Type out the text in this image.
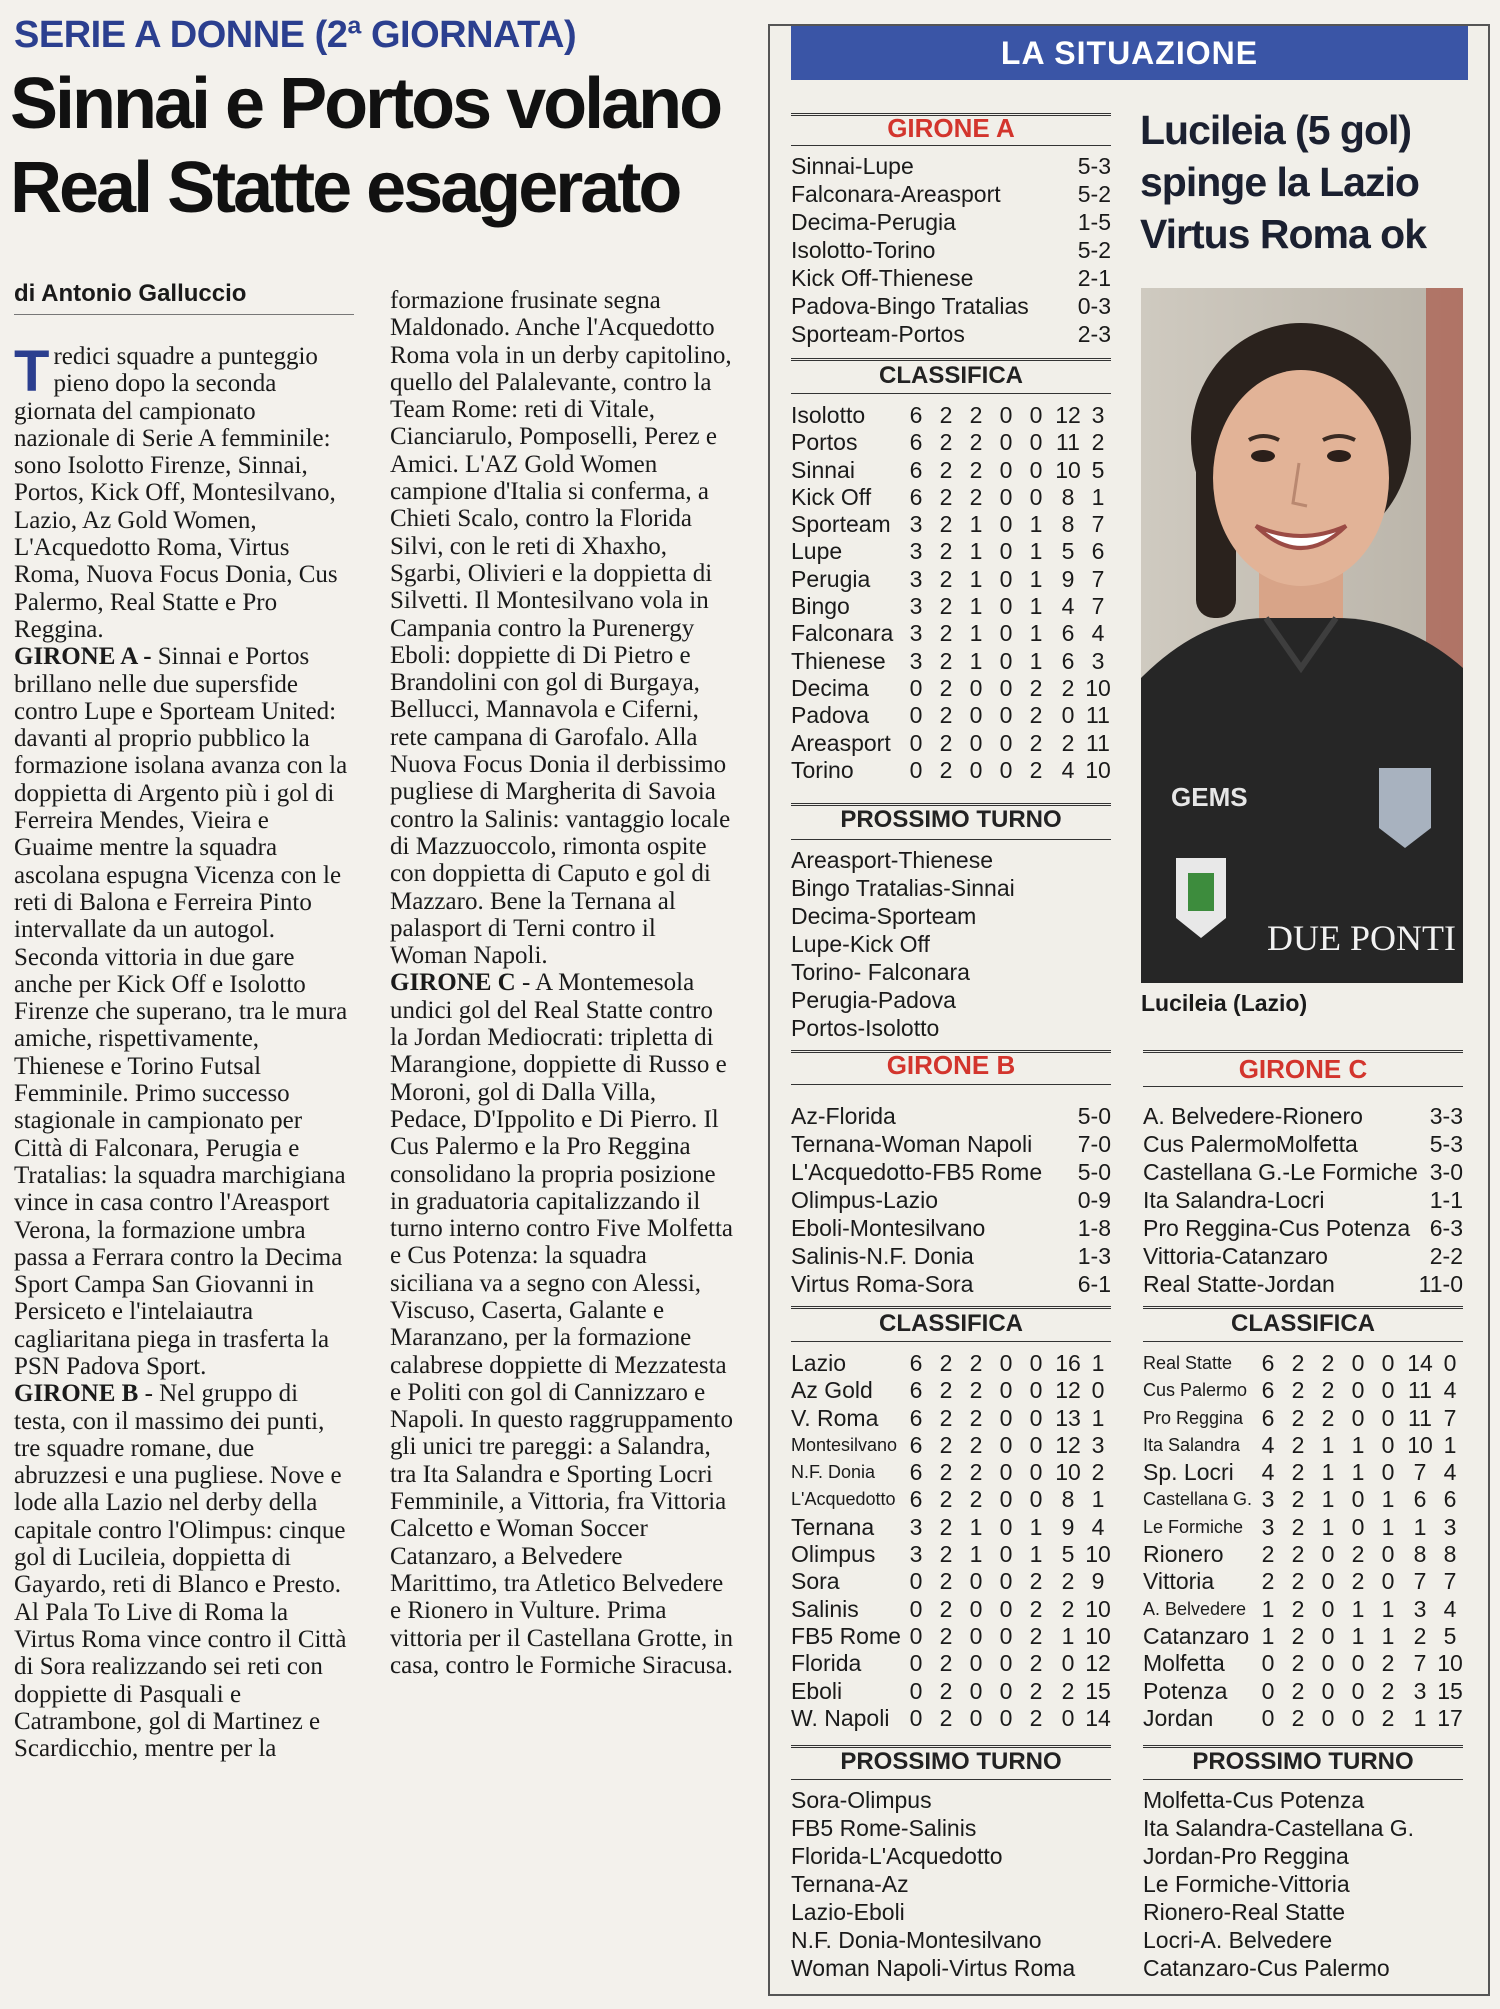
SERIE A DONNE (2ª GIORNATA)
Sinnai e Portos volano
Real Statte esagerato
di Antonio Galluccio

Tredici squadre a punteggio pieno dopo la seconda giornata del campionato nazionale di Serie A femminile: sono Isolotto Firenze, Sinnai, Portos, Kick Off, Montesilvano, Lazio, Az Gold Women, L'Acquedotto Roma, Virtus Roma, Nuova Focus Donia, Cus Palermo, Real Statte e Pro Reggina.

GIRONE A - Sinnai e Portos brillano nelle due supersfide contro Lupe e Sporteam United: davanti al proprio pubblico la formazione isolana avanza con la doppietta di Argento più i gol di Ferreira Mendes, Vieira e Guaime mentre la squadra ascolana espugna Vicenza con le reti di Balona e Ferreira Pinto intervallate da un autogol. Seconda vittoria in due gare anche per Kick Off e Isolotto Firenze che superano, tra le mura amiche, rispettivamente, Thienese e Torino Futsal Femminile. Primo successo stagionale in campionato per Città di Falconara, Perugia e Tratalias: la squadra marchigiana vince in casa contro l'Areasport Verona, la formazione umbra passa a Ferrara contro la Decima Sport Campa San Giovanni in Persiceto e l'intelaiautra cagliaritana piega in trasferta la PSN Padova Sport.

GIRONE B - Nel gruppo di testa, con il massimo dei punti, tre squadre romane, due abruzzesi e una pugliese. Nove e lode alla Lazio nel derby della capitale contro l'Olimpus: cinque gol di Lucileia, doppietta di Gayardo, reti di Blanco e Presto. Al Pala To Live di Roma la Virtus Roma vince contro il Città di Sora realizzando sei reti con doppiette di Pasquali e Catrambone, gol di Martinez e Scardicchio, mentre per la

formazione frusinate segna Maldonado. Anche l'Acquedotto Roma vola in un derby capitolino, quello del Palalevante, contro la Team Rome: reti di Vitale, Cianciarulo, Pomposelli, Perez e Amici. L'AZ Gold Women campione d'Italia si conferma, a Chieti Scalo, contro la Florida Silvi, con le reti di Xhaxho, Sgarbi, Olivieri e la doppietta di Silvetti. Il Montesilvano vola in Campania contro la Purenergy Eboli: doppiette di Di Pietro e Brandolini con gol di Burgaya, Bellucci, Mannavola e Ciferni, rete campana di Garofalo. Alla Nuova Focus Donia il derbissimo pugliese di Margherita di Savoia contro la Salinis: vantaggio locale di Mazzuoccolo, rimonta ospite con doppietta di Caputo e gol di Mazzaro. Bene la Ternana al palasport di Terni contro il Woman Napoli.

GIRONE C - A Montemesola undici gol del Real Statte contro la Jordan Mediocrati: tripletta di Marangione, doppiette di Russo e Moroni, gol di Dalla Villa, Pedace, D'Ippolito e Di Pierro. Il Cus Palermo e la Pro Reggina consolidano la propria posizione in graduatoria capitalizzando il turno interno contro Five Molfetta e Cus Potenza: la squadra siciliana va a segno con Alessi, Viscuso, Caserta, Galante e Maranzano, per la formazione calabrese doppiette di Mezzatesta e Politi con gol di Cannizzaro e Napoli. In questo raggruppamento gli unici tre pareggi: a Salandra, tra Ita Salandra e Sporting Locri Femminile, a Vittoria, fra Vittoria Calcetto e Woman Soccer Catanzaro, a Belvedere Marittimo, tra Atletico Belvedere e Rionero in Vulture. Prima vittoria per il Castellana Grotte, in casa, contro le Formiche Siracusa.

LA SITUAZIONE
GIRONE A
Sinnai-Lupe	5-3
Falconara-Areasport	5-2
Decima-Perugia	1-5
Isolotto-Torino	5-2
Kick Off-Thienese	2-1
Padova-Bingo Tratalias 0-3
Sporteam-Portos	2-3
CLASSIFICA
Isolotto	6 2 2 0 0 12 3
Portos	6 2 2 0 0 11 2
Sinnai	6 2 2 0 0 10 5
Kick Off	6 2 2 0 0 8 1
Sporteam 3 2 1 0 1 8 7
Lupe	3 2 1 0 1 5 6
Perugia	3 2 1 0 1 9 7
Bingo	3 2 1 0 1 4 7
Falconara 3 2 1 0 1 6 4
Thienese	3 2 1 0 1 6 3
Decima	0 2 0 0 2 2 10
Padova	0 2 0 0 2 0 11
Areasport 0 2 0 0 2 2 11
Torino	0 2 0 0 2 4 10
PROSSIMO TURNO
Areasport-Thienese
Bingo Tratalias-Sinnai
Decima-Sporteam
Lupe-Kick Off
Torino- Falconara
Perugia-Padova
Portos-Isolotto
Lucileia (5 gol)
spinge la Lazio
Virtus Roma ok
GEMS
DUE PONTI
Lucileia (Lazio)
GIRONE B
Az-Florida	5-0
Ternana-Woman Napoli 7-0
L'Acquedotto-FB5 Rome 5-0
Olimpus-Lazio	0-9
Eboli-Montesilvano	1-8
Salinis-N.F. Donia	1-3
Virtus Roma-Sora	6-1
CLASSIFICA
Lazio	6 2 2 0 0 16 1
Az Gold	6 2 2 0 0 12 0
V. Roma	6 2 2 0 0 13 1
Montesilvano 6 2 2 0 0 12 3
N.F. Donia	6 2 2 0 0 10 2
L'Acquedotto 6 2 2 0 0 8 1
Ternana	3 2 1 0 1 9 4
Olimpus	3 2 1 0 1 5 10
Sora	0 2 0 0 2 2 9
Salinis	0 2 0 0 2 2 10
FB5 Rome 0 2 0 0 2 1 10
Florida	0 2 0 0 2 0 12
Eboli	0 2 0 0 2 2 15
W. Napoli 0 2 0 0 2 0 14
PROSSIMO TURNO
Sora-Olimpus
FB5 Rome-Salinis
Florida-L'Acquedotto
Ternana-Az
Lazio-Eboli
N.F. Donia-Montesilvano
Woman Napoli-Virtus Roma
GIRONE C
A. Belvedere-Rionero	3-3
Cus PalermoMolfetta	5-3
Castellana G.-Le Formiche 3-0
Ita Salandra-Locri	1-1
Pro Reggina-Cus Potenza 6-3
Vittoria-Catanzaro	2-2
Real Statte-Jordan	11-0
CLASSIFICA
Real Statte	6 2 2 0 0 14 0
Cus Palermo 6 2 2 0 0 11 4
Pro Reggina 6 2 2 0 0 11 7
Ita Salandra 4 2 1 1 0 10 1
Sp. Locri	4 2 1 1 0 7 4
Castellana G. 3 2 1 0 1 6 6
Le Formiche 3 2 1 0 1 1 3
Rionero	2 2 0 2 0 8 8
Vittoria	2 2 0 2 0 7 7
A. Belvedere 1 2 0 1 1 3 4
Catanzaro 1 2 0 1 1 2 5
Molfetta	0 2 0 0 2 7 10
Potenza	0 2 0 0 2 3 15
Jordan	0 2 0 0 2 1 17
PROSSIMO TURNO
Molfetta-Cus Potenza
Ita Salandra-Castellana G.
Jordan-Pro Reggina
Le Formiche-Vittoria
Rionero-Real Statte
Locri-A. Belvedere
Catanzaro-Cus Palermo
